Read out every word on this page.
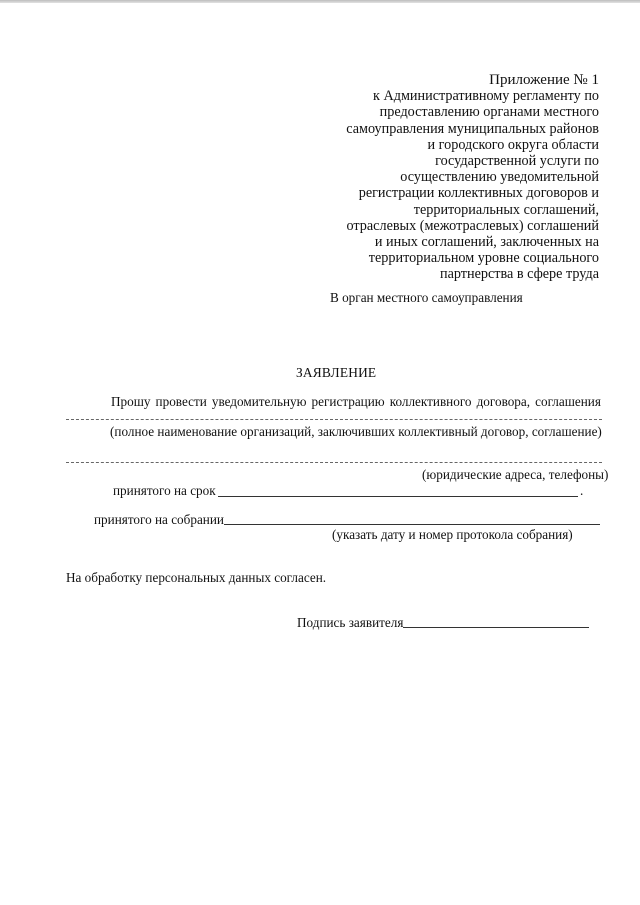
Приложение № 1
к Административному регламенту по
предоставлению органами местного
самоуправления муниципальных районов
и городского округа области
государственной услуги по
осуществлению уведомительной
регистрации коллективных договоров и
территориальных соглашений,
отраслевых (межотраслевых) соглашений
и иных соглашений, заключенных на
территориальном уровне социального
партнерства в сфере труда
В орган местного самоуправления
ЗАЯВЛЕНИЕ
Прошу провести уведомительную регистрацию коллективного договора, соглашения
(полное наименование организаций, заключивших коллективный договор, соглашение)
(юридические адреса, телефоны)
принятого на срок	.
принятого на собрании
(указать дату и номер протокола собрания)
На обработку персональных данных согласен.
Подпись заявителя
